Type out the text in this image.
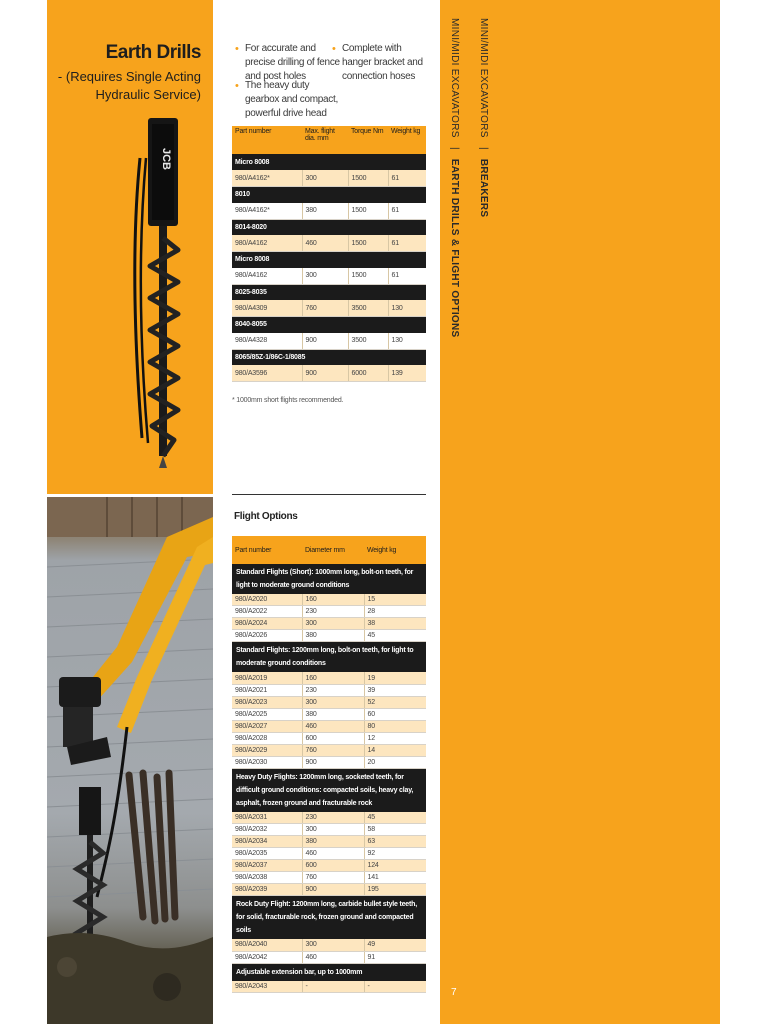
Earth Drills
- (Requires Single Acting Hydraulic Service)
JCB
• For accurate and precise drilling of fence and post holes
• The heavy duty gearbox and compact, powerful drive head
• Complete with hanger bracket and connection hoses
Part number	Max. flight dia. mm	Torque Nm	Weight kg
Micro 8008			
980/A4162*	300	1500	61
8010			
980/A4162*	380	1500	61
8014-8020			
980/A4162	460	1500	61
Micro 8008			
980/A4162	300	1500	61
8025-8035			
980/A4309	760	3500	130
8040-8055			
980/A4328	900	3500	130
8065/85Z-1/86C-1/8085			
980/A3596	900	6000	139
* 1000mm short flights recommended.
Flight Options
Part number	Diameter mm	Weight kg
Standard Flights (Short): 1000mm long, bolt-on teeth, for light to moderate ground conditions		
980/A2020	160	15
980/A2022	230	28
980/A2024	300	38
980/A2026	380	45
Standard Flights: 1200mm long, bolt-on teeth, for light to moderate ground conditions		
980/A2019	160	19
980/A2021	230	39
980/A2023	300	52
980/A2025	380	60
980/A2027	460	80
980/A2028	600	12
980/A2029	760	14
980/A2030	900	20
Heavy Duty Flights: 1200mm long, socketed teeth, for difficult ground conditions: compacted soils, heavy clay, asphalt, frozen ground and fracturable rock		
980/A2031	230	45
980/A2032	300	58
980/A2034	380	63
980/A2035	460	92
980/A2037	600	124
980/A2038	760	141
980/A2039	900	195
Rock Duty Flight: 1200mm long, carbide bullet style teeth, for solid, fracturable rock, frozen ground and compacted soils		
980/A2040	300	49
980/A2042	460	91
Adjustable extension bar, up to 1000mm		
980/A2043	-	-
MINI/MIDI EXCAVATORS | BREAKERS
MINI/MIDI EXCAVATORS | EARTH DRILLS & FLIGHT OPTIONS
7
